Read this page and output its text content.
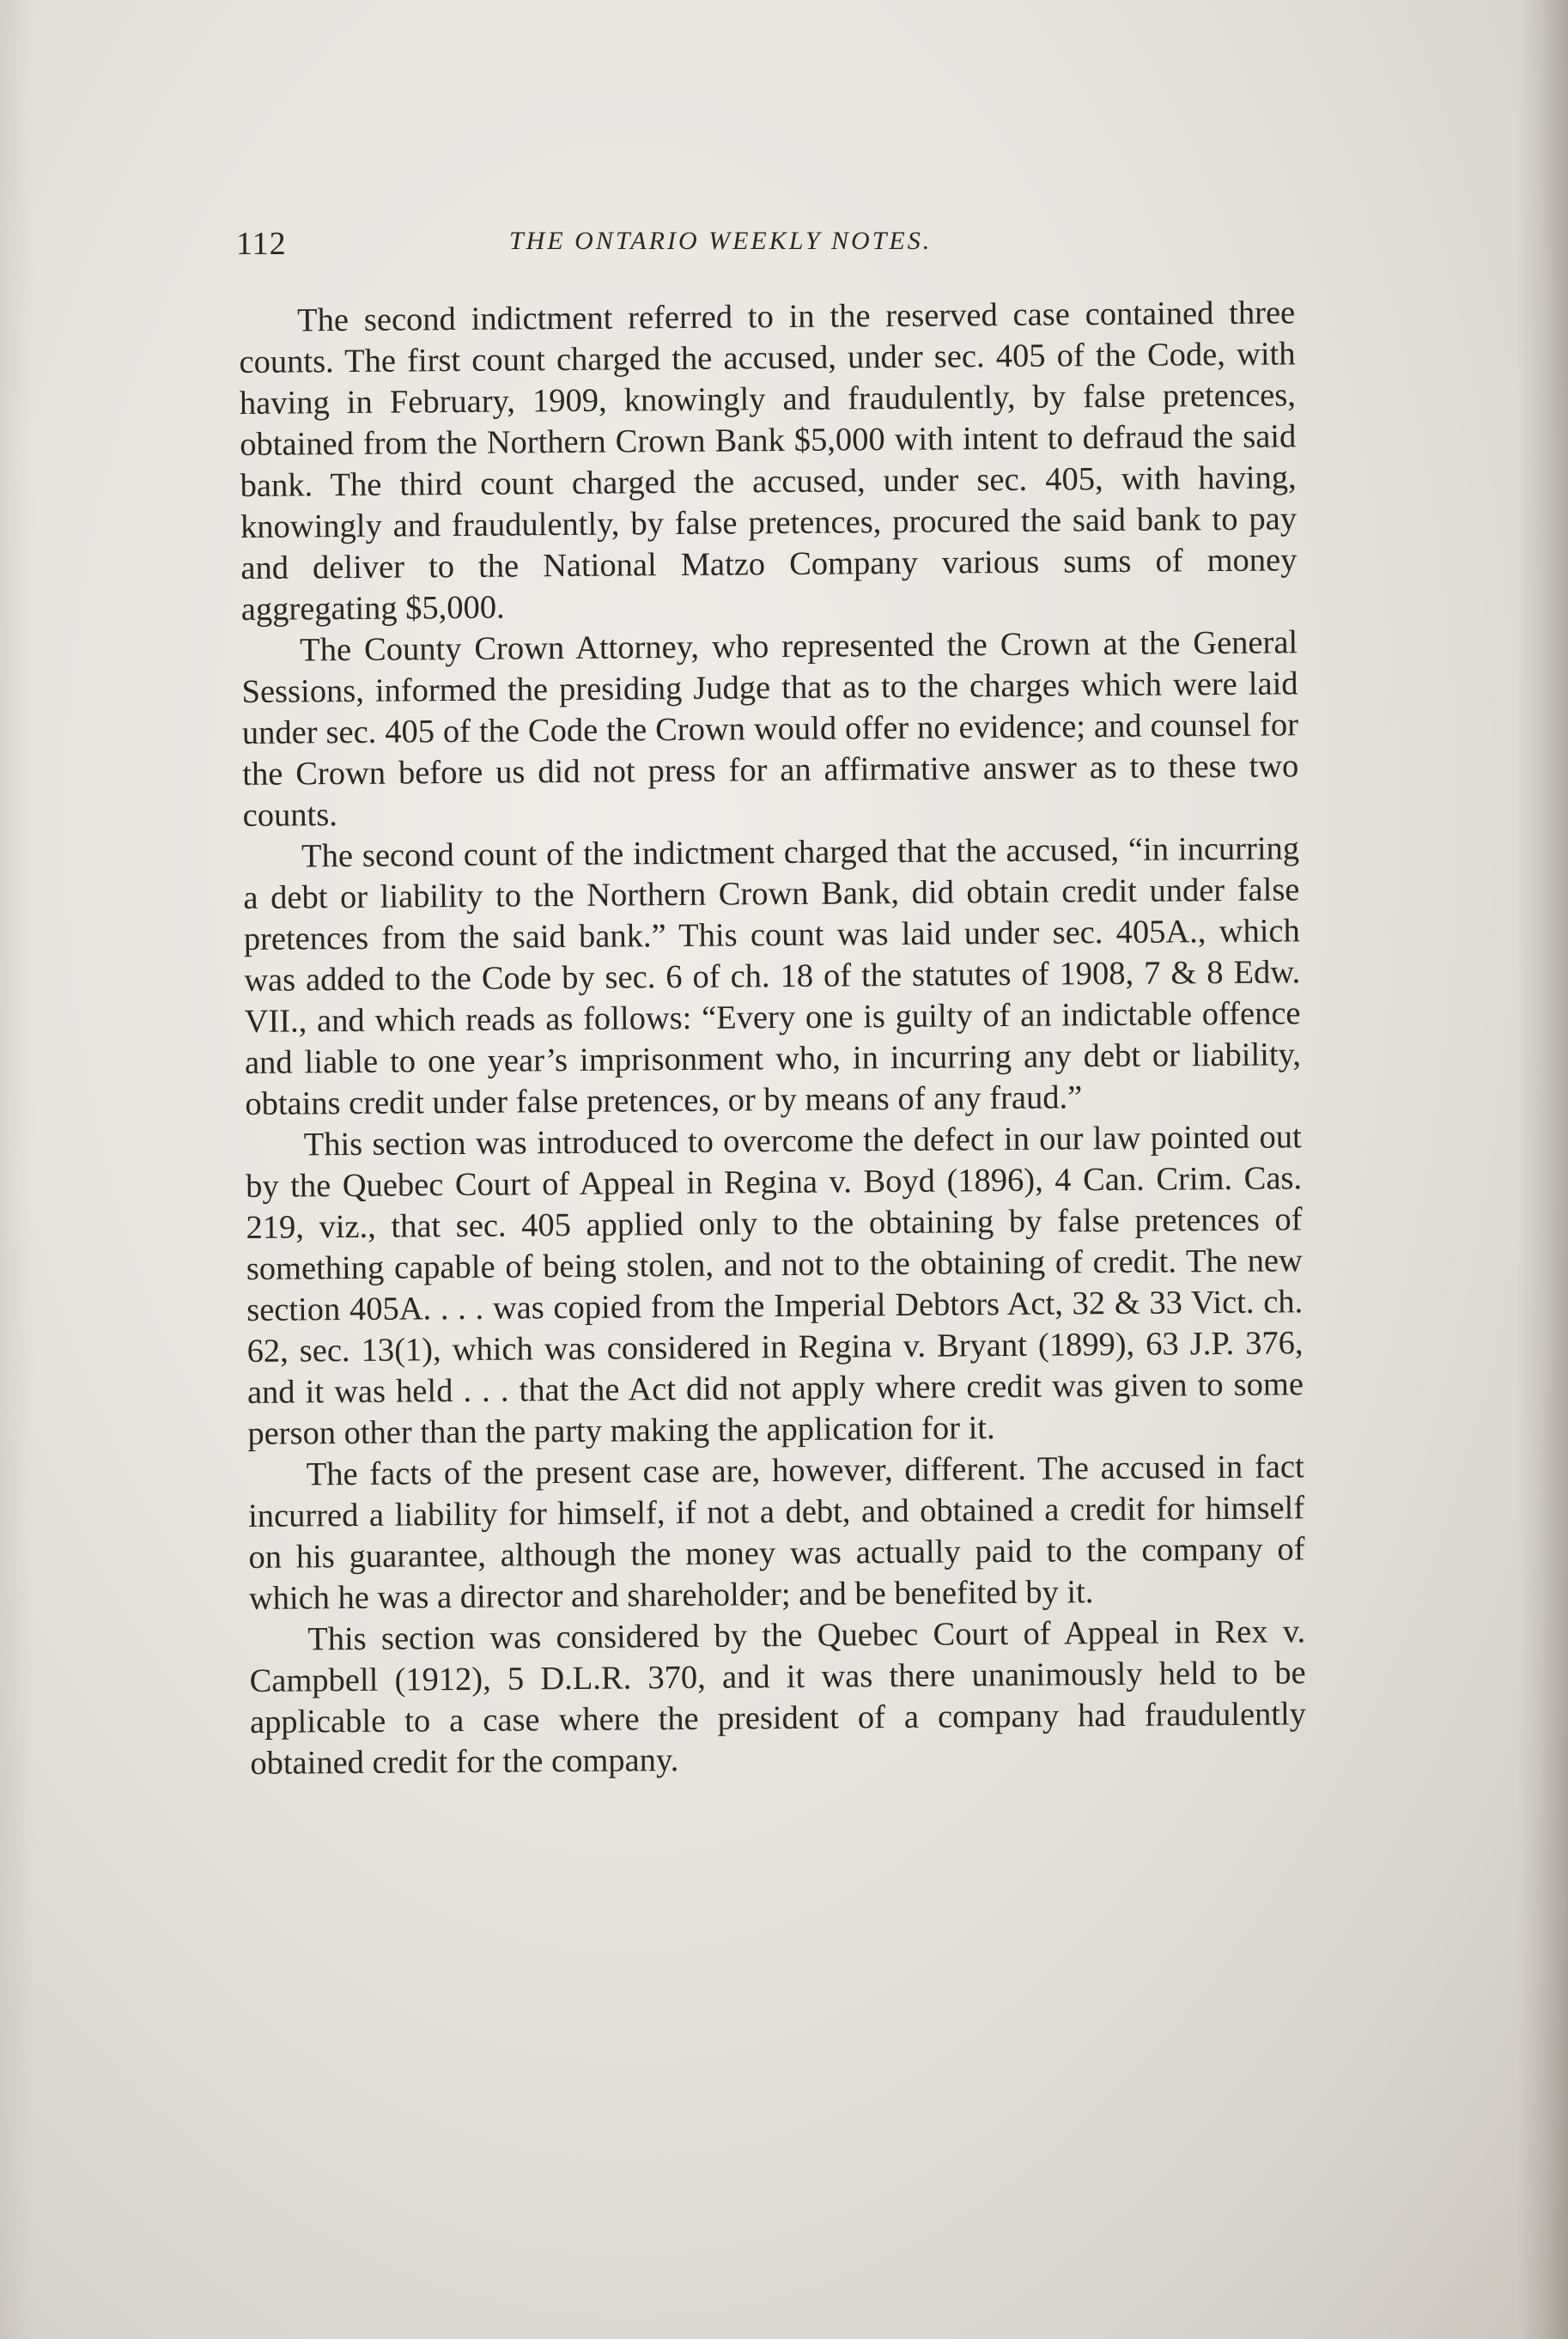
112	THE ONTARIO WEEKLY NOTES.

The second indictment referred to in the reserved case contained three counts. The first count charged the accused, under sec. 405 of the Code, with having in February, 1909, knowingly and fraudulently, by false pretences, obtained from the Northern Crown Bank $5,000 with intent to defraud the said bank. The third count charged the accused, under sec. 405, with having, knowingly and fraudulently, by false pretences, procured the said bank to pay and deliver to the National Matzo Company various sums of money aggregating $5,000.

The County Crown Attorney, who represented the Crown at the General Sessions, informed the presiding Judge that as to the charges which were laid under sec. 405 of the Code the Crown would offer no evidence; and counsel for the Crown before us did not press for an affirmative answer as to these two counts.

The second count of the indictment charged that the accused, “in incurring a debt or liability to the Northern Crown Bank, did obtain credit under false pretences from the said bank.” This count was laid under sec. 405A., which was added to the Code by sec. 6 of ch. 18 of the statutes of 1908, 7 & 8 Edw. VII., and which reads as follows: “Every one is guilty of an indictable offence and liable to one year’s imprisonment who, in incurring any debt or liability, obtains credit under false pretences, or by means of any fraud.”

This section was introduced to overcome the defect in our law pointed out by the Quebec Court of Appeal in Regina v. Boyd (1896), 4 Can. Crim. Cas. 219, viz., that sec. 405 applied only to the obtaining by false pretences of something capable of being stolen, and not to the obtaining of credit. The new section 405A. . . . was copied from the Imperial Debtors Act, 32 & 33 Vict. ch. 62, sec. 13(1), which was considered in Regina v. Bryant (1899), 63 J.P. 376, and it was held . . . that the Act did not apply where credit was given to some person other than the party making the application for it.

The facts of the present case are, however, different. The accused in fact incurred a liability for himself, if not a debt, and obtained a credit for himself on his guarantee, although the money was actually paid to the company of which he was a director and shareholder; and be benefited by it.

This section was considered by the Quebec Court of Appeal in Rex v. Campbell (1912), 5 D.L.R. 370, and it was there unanimously held to be applicable to a case where the president of a company had fraudulently obtained credit for the company.
